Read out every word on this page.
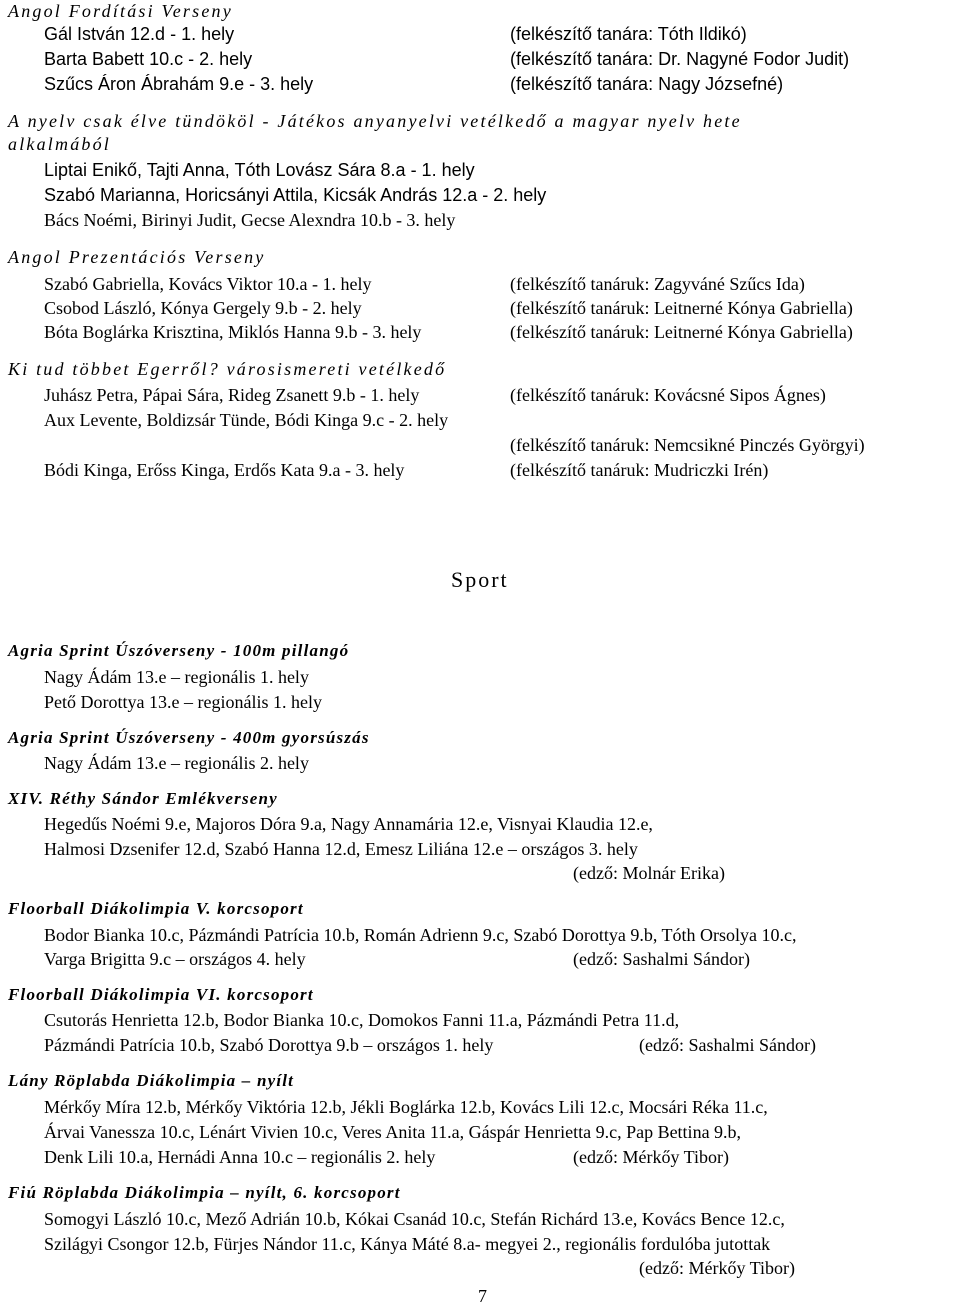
Angol Fordítási Verseny
Gál István 12.d - 1. hely	(felkészítő tanára: Tóth Ildikó)
Barta Babett 10.c - 2. hely	(felkészítő tanára: Dr. Nagyné Fodor Judit)
Szűcs Áron Ábrahám 9.e - 3. hely	(felkészítő tanára: Nagy Józsefné)
A nyelv csak élve tündököl - Játékos anyanyelvi vetélkedő a magyar nyelv hete
alkalmából
Liptai Enikő, Tajti Anna, Tóth Lovász Sára 8.a - 1. hely
Szabó Marianna, Horicsányi Attila, Kicsák András 12.a - 2. hely
Bács Noémi, Birinyi Judit, Gecse Alexndra 10.b - 3. hely
Angol Prezentációs Verseny
Szabó Gabriella, Kovács Viktor 10.a - 1. hely	(felkészítő tanáruk: Zagyváné Szűcs Ida)
Csobod László, Kónya Gergely 9.b - 2. hely	(felkészítő tanáruk: Leitnerné Kónya Gabriella)
Bóta Boglárka Krisztina, Miklós Hanna 9.b - 3. hely	(felkészítő tanáruk: Leitnerné Kónya Gabriella)
Ki tud többet Egerről? városismereti vetélkedő
Juhász Petra, Pápai Sára, Rideg Zsanett 9.b - 1. hely	(felkészítő tanáruk: Kovácsné Sipos Ágnes)
Aux Levente, Boldizsár Tünde, Bódi Kinga 9.c - 2. hely
(felkészítő tanáruk: Nemcsikné Pinczés Györgyi)
Bódi Kinga, Erőss Kinga, Erdős Kata 9.a - 3. hely	(felkészítő tanáruk: Mudriczki Irén)
Sport
Agria Sprint Úszóverseny - 100m pillangó
Nagy Ádám 13.e – regionális 1. hely
Pető Dorottya 13.e – regionális 1. hely
Agria Sprint Úszóverseny - 400m gyorsúszás
Nagy Ádám 13.e – regionális 2. hely
XIV. Réthy Sándor Emlékverseny
Hegedűs Noémi 9.e, Majoros Dóra 9.a, Nagy Annamária 12.e, Visnyai Klaudia 12.e,
Halmosi Dzsenifer 12.d, Szabó Hanna 12.d, Emesz Liliána 12.e – országos 3. hely
(edző: Molnár Erika)
Floorball Diákolimpia V. korcsoport
Bodor Bianka 10.c, Pázmándi Patrícia 10.b, Román Adrienn 9.c, Szabó Dorottya 9.b, Tóth Orsolya 10.c,
Varga Brigitta 9.c – országos 4. hely	(edző: Sashalmi Sándor)
Floorball Diákolimpia VI. korcsoport
Csutorás Henrietta 12.b, Bodor Bianka 10.c, Domokos Fanni 11.a, Pázmándi Petra 11.d,
Pázmándi Patrícia 10.b, Szabó Dorottya 9.b – országos 1. hely	(edző: Sashalmi Sándor)
Lány Röplabda Diákolimpia – nyílt
Mérkőy Míra 12.b, Mérkőy Viktória 12.b, Jékli Boglárka 12.b, Kovács Lili 12.c, Mocsári Réka 11.c,
Árvai Vanessza 10.c, Lénárt Vivien 10.c, Veres Anita 11.a, Gáspár Henrietta 9.c, Pap Bettina 9.b,
Denk Lili 10.a, Hernádi Anna 10.c – regionális 2. hely	(edző: Mérkőy Tibor)
Fiú Röplabda Diákolimpia – nyílt, 6. korcsoport
Somogyi László 10.c, Mező Adrián 10.b, Kókai Csanád 10.c, Stefán Richárd 13.e, Kovács Bence 12.c,
Szilágyi Csongor 12.b, Fürjes Nándor 11.c, Kánya Máté 8.a- megyei 2., regionális fordulóba jutottak
(edző: Mérkőy Tibor)
7
